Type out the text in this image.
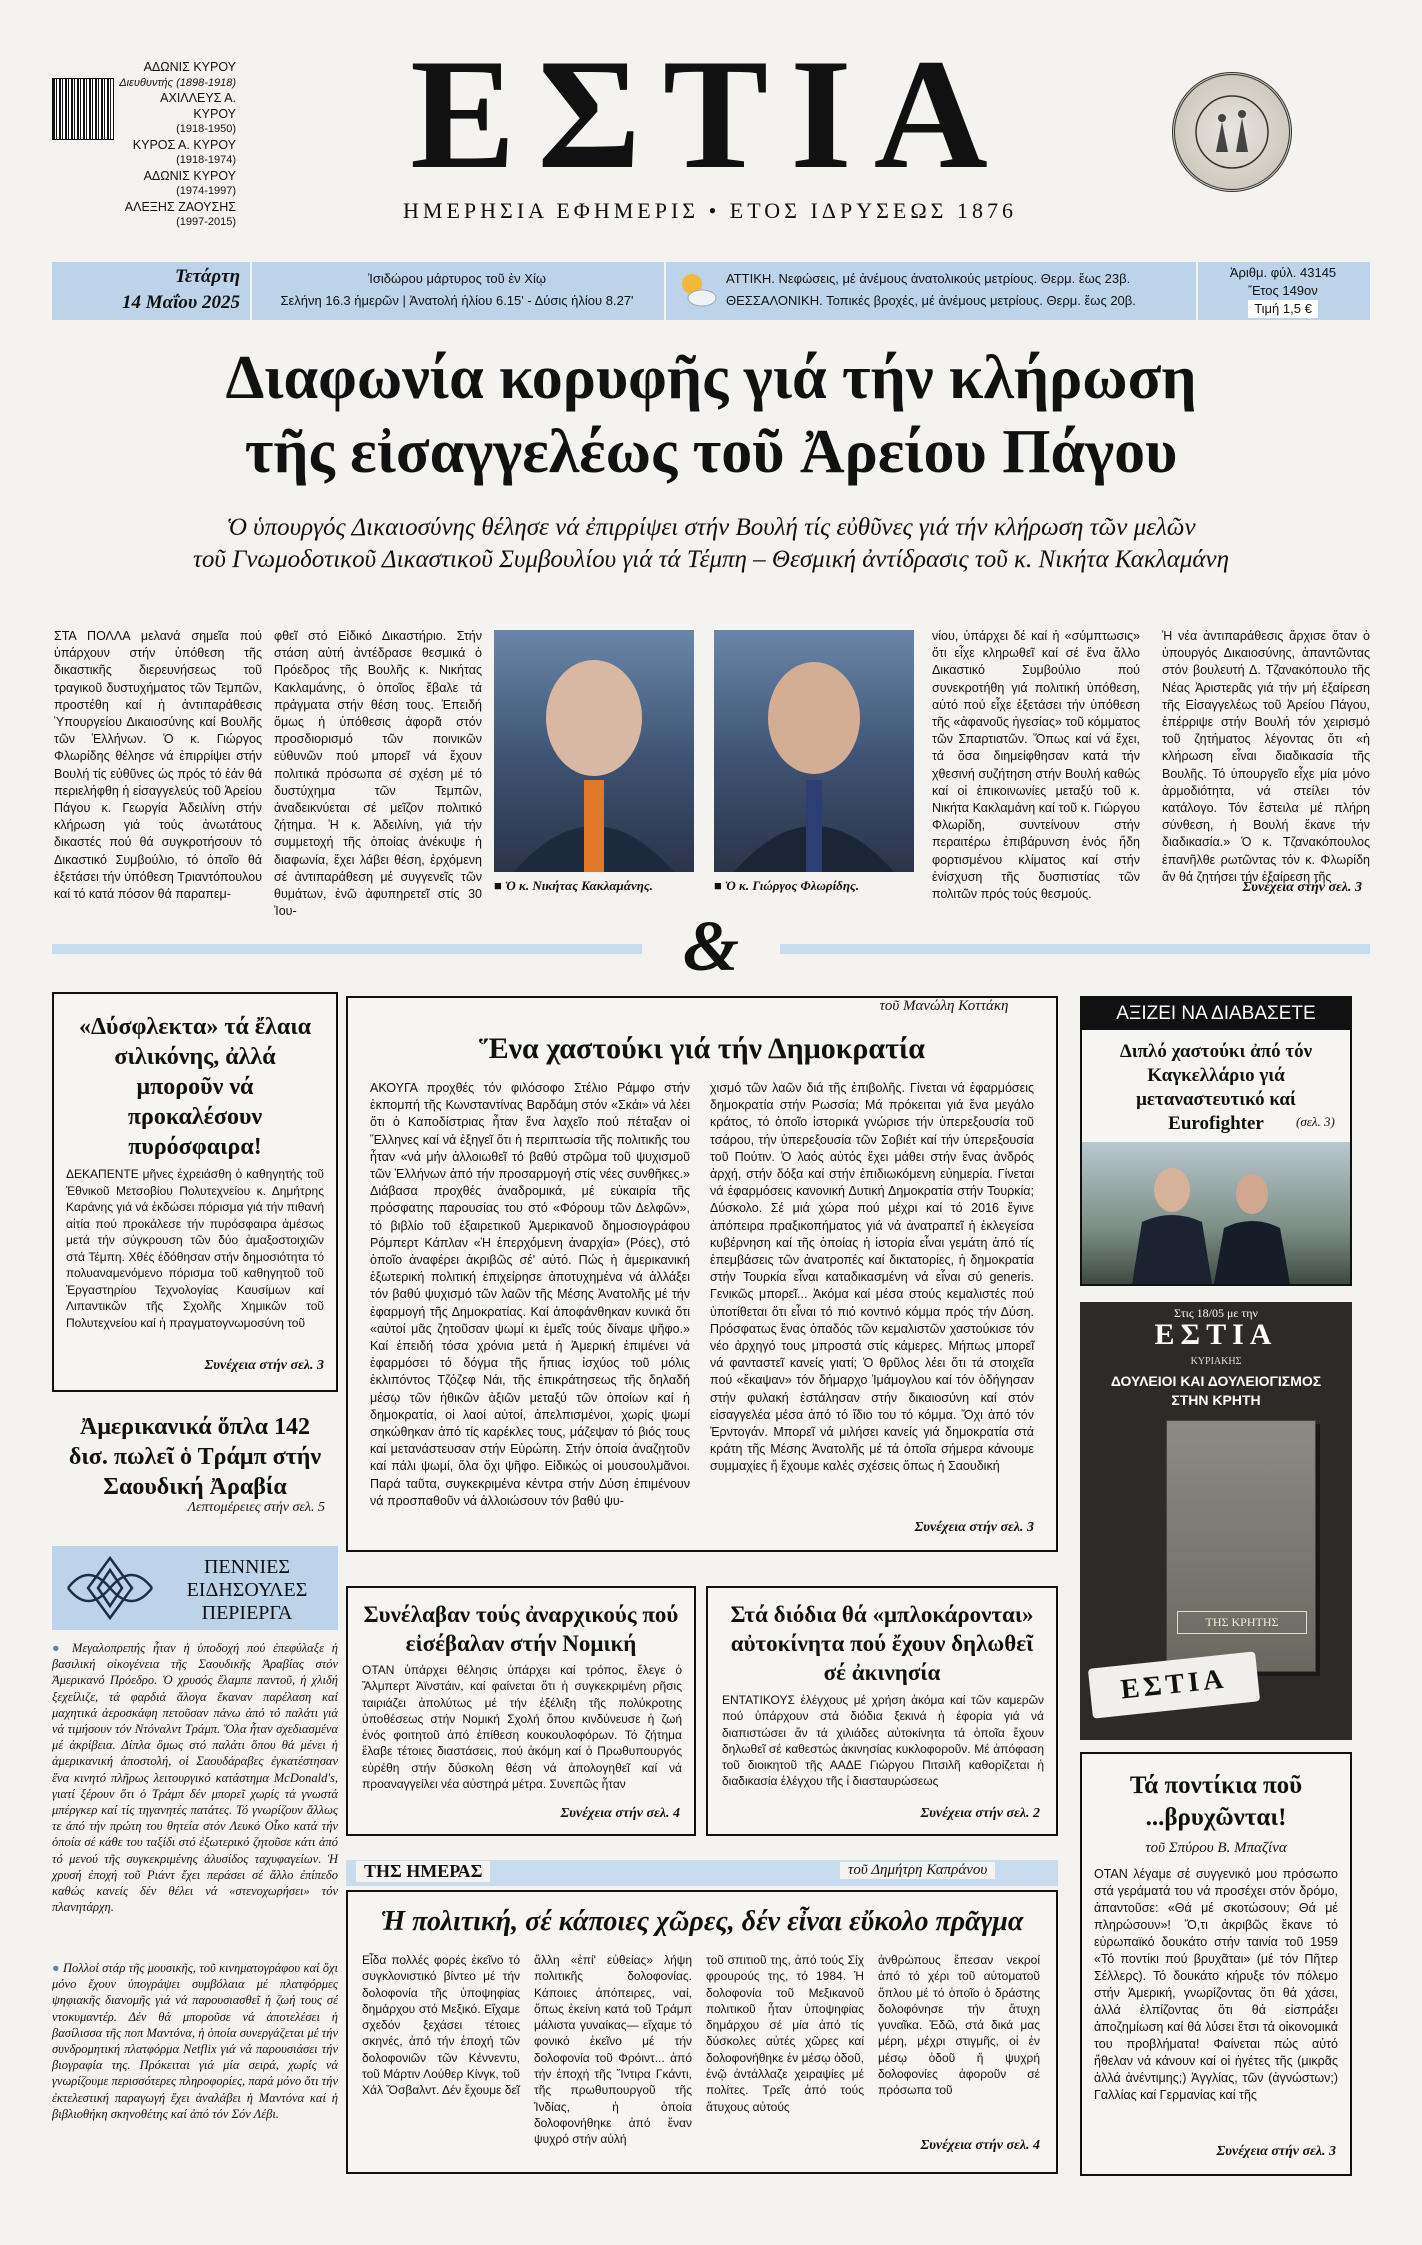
ΑΔΩΝΙΣ ΚΥΡΟΥ
Διευθυντής (1898-1918)
ΑΧΙΛΛΕΥΣ Α. ΚΥΡΟΥ
(1918-1950)
ΚΥΡΟΣ Α. ΚΥΡΟΥ
(1918-1974)
ΑΔΩΝΙΣ ΚΥΡΟΥ
(1974-1997)
ΑΛΕΞΗΣ ΖΑΟΥΣΗΣ
(1997-2015)
ΕΣΤΙΑ
ΗΜΕΡΗΣΙΑ ΕΦΗΜΕΡΙΣ • ΕΤΟΣ ΙΔΡΥΣΕΩΣ 1876
Τετάρτη
14 Μαΐου 2025
Ἰσιδώρου μάρτυρος τοῦ ἐν Χίῳ
Σελήνη 16.3 ἡμερῶν | Ἀνατολή ἡλίου 6.15' - Δύσις ἡλίου 8.27'
ΑΤΤΙΚΗ. Νεφώσεις, μέ ἀνέμους ἀνατολικούς μετρίους. Θερμ. ἕως 23β.
ΘΕΣΣΑΛΟΝΙΚΗ. Τοπικές βροχές, μέ ἀνέμους μετρίους. Θερμ. ἕως 20β.
Ἀριθμ. φύλ. 43145
Ἔτος 149ον
Τιμή 1,5 €
Διαφωνία κορυφῆς γιά τήν κλήρωση
τῆς εἰσαγγελέως τοῦ Ἀρείου Πάγου
Ὁ ὑπουργός Δικαιοσύνης θέλησε νά ἐπιρρίψει στήν Βουλή τίς εὐθῦνες γιά τήν κλήρωση τῶν μελῶν
τοῦ Γνωμοδοτικοῦ Δικαστικοῦ Συμβουλίου γιά τά Τέμπη – Θεσμική ἀντίδρασις τοῦ κ. Νικήτα Κακλαμάνη
ΣΤΑ ΠΟΛΛΑ μελανά σημεῖα πού ὑπάρχουν στήν ὑπόθεση τῆς δικαστικῆς διερευνήσεως τοῦ τραγικοῦ δυστυχήματος τῶν Τεμπῶν, προστέθη καί ἡ ἀντιπαράθεσις Ὑπουργείου Δικαιοσύνης καί Βουλῆς τῶν Ἑλλήνων. Ὁ κ. Γιώργος Φλωρίδης θέλησε νά ἐπιρρίψει στήν Βουλή τίς εὐθῦνες ὡς πρός τό ἐάν θά περιελήφθη ἡ εἰσαγγελεύς τοῦ Ἀρείου Πάγου κ. Γεωργία Ἀδειλίνη στήν κλήρωση γιά τούς ἀνωτάτους δικαστές πού θά συγκροτήσουν τό Δικαστικό Συμβούλιο, τό ὁποῖο θά ἐξετάσει τήν ὑπόθεση Τριαντόπουλου καί τό κατά πόσον θά παραπεμ-
φθεῖ στό Εἰδικό Δικαστήριο. Στήν στάση αὐτή ἀντέδρασε θεσμικά ὁ Πρόεδρος τῆς Βουλῆς κ. Νικήτας Κακλαμάνης, ὁ ὁποῖος ἔβαλε τά πράγματα στήν θέση τους. Ἐπειδή ὅμως ἡ ὑπόθεσις ἀφορᾶ στόν προσδιορισμό τῶν ποινικῶν εὐθυνῶν πού μπορεῖ νά ἔχουν πολιτικά πρόσωπα σέ σχέση μέ τό δυστύχημα τῶν Τεμπῶν, ἀναδεικνύεται σέ μεῖζον πολιτικό ζήτημα. Ἡ κ. Ἀδειλίνη, γιά τήν συμμετοχή τῆς ὁποίας ἀνέκυψε ἡ διαφωνία, ἔχει λάβει θέση, ἐρχόμενη σέ ἀντιπαράθεση μέ συγγενεῖς τῶν θυμάτων, ἐνῶ ἀφυπηρετεῖ στίς 30 Ἰου-
■ Ὁ κ. Νικήτας Κακλαμάνης.	■ Ὁ κ. Γιώργος Φλωρίδης.
νίου, ὑπάρχει δέ καί ἡ «σύμπτωσις» ὅτι εἶχε κληρωθεῖ καί σέ ἕνα ἄλλο Δικαστικό Συμβούλιο πού συνεκροτήθη γιά πολιτική ὑπόθεση, αὐτό πού εἶχε ἐξετάσει τήν ὑπόθεση τῆς «ἀφανοῦς ἠγεσίας» τοῦ κόμματος τῶν Σπαρτιατῶν. Ὅπως καί νά ἔχει, τά ὅσα διημείφθησαν κατά τήν χθεσινή συζήτηση στήν Βουλή καθώς καί οἱ ἐπικοινωνίες μεταξύ τοῦ κ. Νικήτα Κακλαμάνη καί τοῦ κ. Γιώργου Φλωρίδη, συντείνουν στήν περαιτέρω ἐπιβάρυνση ἑνός ἤδη φορτισμένου κλίματος καί στήν ἐνίσχυση τῆς δυσπιστίας τῶν πολιτῶν πρός τούς θεσμούς.
Ἡ νέα ἀντιπαράθεσις ἄρχισε ὅταν ὁ ὑπουργός Δικαιοσύνης, ἀπαντῶντας στόν βουλευτή Δ. Τζανακόπουλο τῆς Νέας Ἀριστερᾶς γιά τήν μή ἐξαίρεση τῆς Εἰσαγγελέως τοῦ Ἀρείου Πάγου, ἐπέρριψε στήν Βουλή τόν χειρισμό τοῦ ζητήματος λέγοντας ὅτι «ἡ κλήρωση εἶναι διαδικασία τῆς Βουλῆς. Τό ὑπουργεῖο εἶχε μία μόνο ἁρμοδιότητα, νά στείλει τόν κατάλογο. Τόν ἔστειλα μέ πλήρη σύνθεση, ἡ Βουλή ἔκανε τήν διαδικασία.» Ὁ κ. Τζανακόπουλος ἐπανῆλθε ρωτῶντας τόν κ. Φλωρίδη ἄν θά ζητήσει τήν ἐξαίρεση τῆς
Συνέχεια στήν σελ. 3
&
«Δύσφλεκτα» τά ἔλαια σιλικόνης, ἀλλά μποροῦν νά προκαλέσουν πυρόσφαιρα!
ΔΕΚΑΠΕΝΤΕ μῆνες ἐχρειάσθη ὁ καθηγητής τοῦ Ἐθνικοῦ Μετσοβίου Πολυτεχνείου κ. Δημήτρης Καράνης γιά νά ἐκδώσει πόρισμα γιά τήν πιθανή αἰτία πού προκάλεσε τήν πυρόσφαιρα ἀμέσως μετά τήν σύγκρουση τῶν δύο ἁμαξοστοιχιῶν στά Τέμπη. Χθές ἐδόθησαν στήν δημοσιότητα τό πολυαναμενόμενο πόρισμα τοῦ καθηγητοῦ τοῦ Ἐργαστηρίου Τεχνολογίας Καυσίμων καί Λιπαντικῶν τῆς Σχολῆς Χημικῶν τοῦ Πολυτεχνείου καί ἡ πραγματογνωμοσύνη τοῦ
Συνέχεια στήν σελ. 3
Ἀμερικανικά ὅπλα 142 δισ. πωλεῖ ὁ Τράμπ στήν Σαουδική Ἀραβία
Λεπτομέρειες στήν σελ. 5
ΠΕΝΝΙΕΣ
ΕΙΔΗΣΟΥΛΕΣ
ΠΕΡΙΕΡΓΑ
● Μεγαλοπρεπής ἦταν ἡ ὑποδοχή πού ἐπεφύλαξε ἡ βασιλική οἰκογένεια τῆς Σαουδικῆς Ἀραβίας στόν Ἀμερικανό Πρόεδρο. Ὁ χρυσός ἔλαμπε παντοῦ, ἡ χλιδή ξεχείλιζε, τά φαρδιά ἄλογα ἔκαναν παρέλαση καί μαχητικά ἀεροσκάφη πετοῦσαν πάνω ἀπό τό παλάτι γιά νά τιμήσουν τόν Ντόναλντ Τράμπ. Ὅλα ἦταν σχεδιασμένα μέ ἀκρίβεια. Δίπλα ὅμως στό παλάτι ὅπου θά μένει ἡ ἀμερικανική ἀποστολή, οἱ Σαουδάραβες ἐγκατέστησαν ἕνα κινητό πλῆρως λειτουργικό κατάστημα McDonald's, γιατί ξέρουν ὅτι ὁ Τράμπ δέν μπορεῖ χωρίς τά γνωστά μπέργκερ καί τίς τηγανητές πατάτες. Τό γνωρίζουν ἄλλως τε ἀπό τήν πρώτη του θητεία στόν Λευκό Οἶκο κατά τήν ὁποία σέ κάθε του ταξίδι στό ἐξωτερικό ζητοῦσε κάτι ἀπό τό μενού τῆς συγκεκριμένης ἁλυσίδος ταχυφαγείων. Ἡ χρυσή ἐποχή τοῦ Ριάντ ἔχει περάσει σέ ἄλλο ἐπίπεδο καθώς κανείς δέν θέλει νά «στενοχωρήσει» τόν πλανητάρχη.
● Πολλοί στάρ τῆς μουσικῆς, τοῦ κινηματογράφου καί ὅχι μόνο ἔχουν ὑπογράψει συμβόλαια μέ πλατφόρμες ψηφιακῆς διανομῆς γιά νά παρουσιασθεῖ ἡ ζωή τους σέ ντοκυμαντέρ. Δέν θά μποροῦσε νά ἀποτελέσει ἡ βασίλισσα τῆς ποπ Μαντόνα, ἡ ὁποία συνεργάζεται μέ τήν συνδρομητική πλατφόρμα Netflix γιά νά παρουσιάσει τήν βιογραφία της. Πρόκειται γιά μία σειρά, χωρίς νά γνωρίζουμε περισσότερες πληροφορίες, παρά μόνο ὅτι τήν ἐκτελεστική παραγωγή ἔχει ἀναλάβει ἡ Μαντόνα καί ἡ βιβλιοθήκη σκηνοθέτης καί ἀπό τόν Σόν Λέβι.
τοῦ Μανώλη Κοττάκη
Ἕνα χαστούκι γιά τήν Δημοκρατία
ΑΚΟΥΓΑ προχθές τόν φιλόσοφο Στέλιο Ράμφο στήν ἐκπομπή τῆς Κωνσταντίνας Βαρδάμη στόν «Σκάι» νά λέει ὅτι ὁ Καποδίστριας ἦταν ἕνα λαχεῖο πού πέταξαν οἱ Ἕλληνες καί νά ἐξηγεῖ ὅτι ἡ περιπτωσία τῆς πολιτικῆς του ἦταν «νά μήν ἀλλοιωθεῖ τό βαθύ στρῶμα τοῦ ψυχισμοῦ τῶν Ἑλλήνων ἀπό τήν προσαρμογή στίς νέες συνθῆκες.» Διάβασα προχθές ἀναδρομικά, μέ εὐκαιρία τῆς πρόσφατης παρουσίας του στό «Φόρουμ τῶν Δελφῶν», τό βιβλίο τοῦ ἐξαιρετικοῦ Ἀμερικανοῦ δημοσιογράφου Ρόμπερτ Κάπλαν «Ἡ ἐπερχόμενη ἀναρχία» (Ρόες), στό ὁποῖο ἀναφέρει ἀκριβῶς σέ' αὐτό. Πώς ἡ ἀμερικανική ἐξωτερική πολιτική ἐπιχείρησε ἀποτυχημένα νά ἀλλάξει τόν βαθύ ψυχισμό τῶν λαῶν τῆς Μέσης Ἀνατολῆς μέ τήν ἐφαρμογή τῆς Δημοκρατίας. Καί ἀποφάνθηκαν κυνικά ὅτι «αὐτοί μᾶς ζητοῦσαν ψωμί κι ἐμεῖς τούς δίναμε ψῆφο.» Καί ἐπειδή τόσα χρόνια μετά ἡ Ἀμερική ἐπιμένει νά ἐφαρμόσει τό δόγμα τῆς ἤπιας ἰσχύος τοῦ μόλις ἐκλιπόντος Τζόζεφ Νάι, τῆς ἐπικράτησεως τῆς δηλαδή μέσῳ τῶν ἠθικῶν ἀξιῶν μεταξύ τῶν ὁποίων καί ἡ δημοκρατία, οἱ λαοί αὐτοί, ἀπελπισμένοι, χωρίς ψωμί σηκώθηκαν ἀπό τίς καρέκλες τους, μάζεψαν τό βιός τους καί μετανάστευσαν στήν Εὐρώπη. Στήν ὁποία ἀναζητοῦν καί πάλι ψωμί, ὅλα ὅχι ψῆφο. Εἰδικώς οἱ μουσουλμᾶνοι. Παρά ταῦτα, συγκεκριμένα κέντρα στήν Δύση ἐπιμένουν νά προσπαθοῦν νά ἀλλοιώσουν τόν βαθύ ψυ-
χισμό τῶν λαῶν διά τῆς ἐπιβολῆς. Γίνεται νά ἐφαρμόσεις δημοκρατία στήν Ρωσσία; Μά πρόκειται γιά ἕνα μεγάλο κράτος, τό ὁποῖο ἱστορικά γνώρισε τήν ὑπερεξουσία τοῦ τσάρου, τήν ὑπερεξουσία τῶν Σοβιέτ καί τήν ὑπερεξουσία τοῦ Πούτιν. Ὁ λαός αὐτός ἔχει μάθει στήν ἕνας ἀνδρός ἀρχή, στήν δόξα καί στήν ἐπιδιωκόμενη εὐημερία. Γίνεται νά ἐφαρμόσεις κανονική Δυτική Δημοκρατία στήν Τουρκία; Δύσκολο. Σέ μιά χώρα πού μέχρι καί τό 2016 ἔγινε ἀπόπειρα πραξικοπήματος γιά νά ἀνατραπεῖ ἡ ἐκλεγείσα κυβέρνηση καί τῆς ὁποίας ἡ ἱστορία εἶναι γεμάτη ἀπό τίς ἐπεμβάσεις τῶν ἀνατροπές καί δικτατορίες, ἡ δημοκρατία στήν Τουρκία εἶναι καταδικασμένη νά εἶναι σύ generis. Γενικῶς μπορεῖ... Ἀκόμα καί μέσα στούς κεμαλιστές πού ὑποτίθεται ὅτι εἶναι τό πιό κοντινό κόμμα πρός τήν Δύση. Πρόσφατως ἕνας ὀπαδός τῶν κεμαλιστῶν χαστούκισε τόν νέο ἀρχηγό τους μπροστά στίς κάμερες. Μήπως μπορεῖ νά φανταστεῖ κανείς γιατί; Ὁ θρῦλος λέει ὅτι τά στοιχεῖα πού «ἔκαψαν» τόν δήμαρχο Ἰμάμογλου καί τόν ὁδήγησαν στήν φυλακή ἐστάλησαν στήν δικαιοσύνη καί στόν εἰσαγγελέα μέσα ἀπό τό ἴδιο του τό κόμμα. Ὄχι ἀπό τόν Ἐρντογάν. Μπορεῖ νά μιλήσει κανείς γιά δημοκρατία στά κράτη τῆς Μέσης Ἀνατολῆς μέ τά ὁποῖα σήμερα κάνουμε συμμαχίες ἤ ἔχουμε καλές σχέσεις ὅπως ἡ Σαουδική
Συνέχεια στήν σελ. 3
Συνέλαβαν τούς ἀναρχικούς πού εἰσέβαλαν στήν Νομική
ΟΤΑΝ ὑπάρχει θέλησις ὑπάρχει καί τρόπος, ἔλεγε ὁ Ἄλμπερτ Ἀϊνστάιν, καί φαίνεται ὅτι ἡ συγκεκριμένη ρῆσις ταιριάζει ἀπολύτως μέ τήν ἐξέλιξη τῆς πολύκροτης ὑποθέσεως στήν Νομική Σχολή ὅπου κινδύνευσε ἡ ζωή ἑνός φοιτητοῦ ἀπό ἐπίθεση κουκουλοφόρων. Τό ζήτημα ἔλαβε τέτοιες διαστάσεις, πού ἀκόμη καί ὁ Πρωθυπουργός εὑρέθη στήν δύσκολη θέση νά ἀπολογηθεῖ καί νά προαναγγείλει νέα αὐστηρά μέτρα. Συνεπῶς ἦταν
Συνέχεια στήν σελ. 4
Στά διόδια θά «μπλοκάρονται» αὐτοκίνητα πού ἔχουν δηλωθεῖ σέ ἀκινησία
ΕΝΤΑΤΙΚΟΥΣ ἐλέγχους μέ χρήση ἀκόμα καί τῶν καμερῶν πού ὑπάρχουν στά διόδια ξεκινά ἡ ἐφορία γιά νά διαπιστώσει ἄν τά χιλιάδες αὐτοκίνητα τά ὁποῖα ἔχουν δηλωθεῖ σέ καθεστώς ἀκινησίας κυκλοφοροῦν. Μέ ἀπόφαση τοῦ διοικητοῦ τῆς ΑΑΔΕ Γιώργου Πιτσιλῆ καθορίζεται ἡ διαδικασία ἐλέγχου τῆς ἰ διασταυρώσεως
Συνέχεια στήν σελ. 2
ΤΗΣ ΗΜΕΡΑΣ	τοῦ Δημήτρη Καπράνου
Ἡ πολιτική, σέ κάποιες χῶρες, δέν εἶναι εὔκολο πρᾶγμα
Εἶδα πολλές φορές ἐκεῖνο τό συγκλονιστικό βίντεο μέ τήν δολοφονία τῆς ὑποψηφίας δημάρχου στό Μεξικό. Εἴχαμε σχεδόν ξεχάσει τέτοιες σκηνές, ἀπό τήν ἐποχή τῶν δολοφονιῶν τῶν Κέννεντυ, τοῦ Μάρτιν Λούθερ Κίνγκ, τοῦ Χάλ Ὄσβαλντ. Δέν ἔχουμε δεῖ
ἄλλη «ἐπί' εὐθείας» λήψη πολιτικῆς δολοφονίας. Κάποιες ἀπόπειρες, ναί, ὅπως ἐκείνη κατά τοῦ Τράμπ μάλιστα γυναίκας— εἴχαμε τό φονικό ἐκεῖνο μέ τήν δολοφονία τοῦ Φρόιντ... ἀπό τήν ἐποχή τῆς Ἴντιρα Γκάντι, τῆς πρωθυπουργοῦ τῆς Ἰνδίας, ἡ ὁποία δολοφονήθηκε ἀπό ἕναν ψυχρό στήν αὐλή
τοῦ σπιτιοῦ της, ἀπό τούς Σίχ φρουρούς της, τό 1984. Ἡ δολοφονία τοῦ Μεξικανοῦ πολιτικοῦ ἦταν ὑποψηφίας δημάρχου σέ μία ἀπό τίς δύσκολες αὐτές χῶρες καί δολοφονήθηκε ἐν μέσῳ ὁδοῦ, ἐνῷ ἀντάλλαζε χειραψίες μέ πολίτες. Τρεῖς ἀπό τούς ἄτυχους αὐτούς
ἀνθρώπους ἔπεσαν νεκροί ἀπό τό χέρι τοῦ αὐτοματοῦ ὅπλου μέ τό ὁποῖο ὁ δράστης δολοφόνησε τήν ἄτυχη γυναῖκα. Ἐδῶ, στά δικά μας μέρη, μέχρι στιγμῆς, οἱ ἐν μέσῳ ὁδοῦ ἤ ψυχρή δολοφονίες ἀφοροῦν σέ πρόσωπα τοῦ
Συνέχεια στήν σελ. 4
ΑΞΙΖΕΙ ΝΑ ΔΙΑΒΑΣΕΤΕ
Διπλό χαστούκι ἀπό τόν Καγκελλάριο γιά μεταναστευτικό καί Eurofighter	(σελ. 3)
Στις 18/05 με την
ΕΣΤΙΑ
ΚΥΡΙΑΚΗΣ
ΔΟΥΛΕΙΟΙ ΚΑΙ ΔΟΥΛΕΙΟΓΙΣΜΟΣ
ΣΤΗΝ ΚΡΗΤΗ
ΤΗΣ ΚΡΗΤΗΣ
ΕΣΤΙΑ
Τά ποντίκια ποῦ ...βρυχῶνται!
τοῦ Σπύρου Β. Μπαζίνα
ΟΤΑΝ λέγαμε σέ συγγενικό μου πρόσωπο στά γεράματά του νά προσέχει στόν δρόμο, ἀπαντοῦσε: «Θά μέ σκοτώσουν; Θά μέ πληρώσουν»! Ὅ,τι ἀκριβῶς ἔκανε τό εὐρωπαϊκό δουκάτο στήν ταινία τοῦ 1959 «Τό ποντίκι πού βρυχᾶται» (μέ τόν Πῆτερ Σέλλερς). Τό δουκάτο κήρυξε τόν πόλεμο στήν Ἀμερική, γνωρίζοντας ὅτι θά χάσει, ἀλλά ἐλπίζοντας ὅτι θά εἰσπράξει ἀποζημίωση καί θά λύσει ἔτσι τά οἰκονομικά του προβλήματα! Φαίνεται πώς αὐτό ἤθελαν νά κάνουν καί οἱ ἡγέτες τῆς (μικρᾶς ἀλλά ἀνέντιμης;) Ἀγγλίας, τῶν (ἀγνώστων;) Γαλλίας καί Γερμανίας καί τῆς
Συνέχεια στήν σελ. 3
